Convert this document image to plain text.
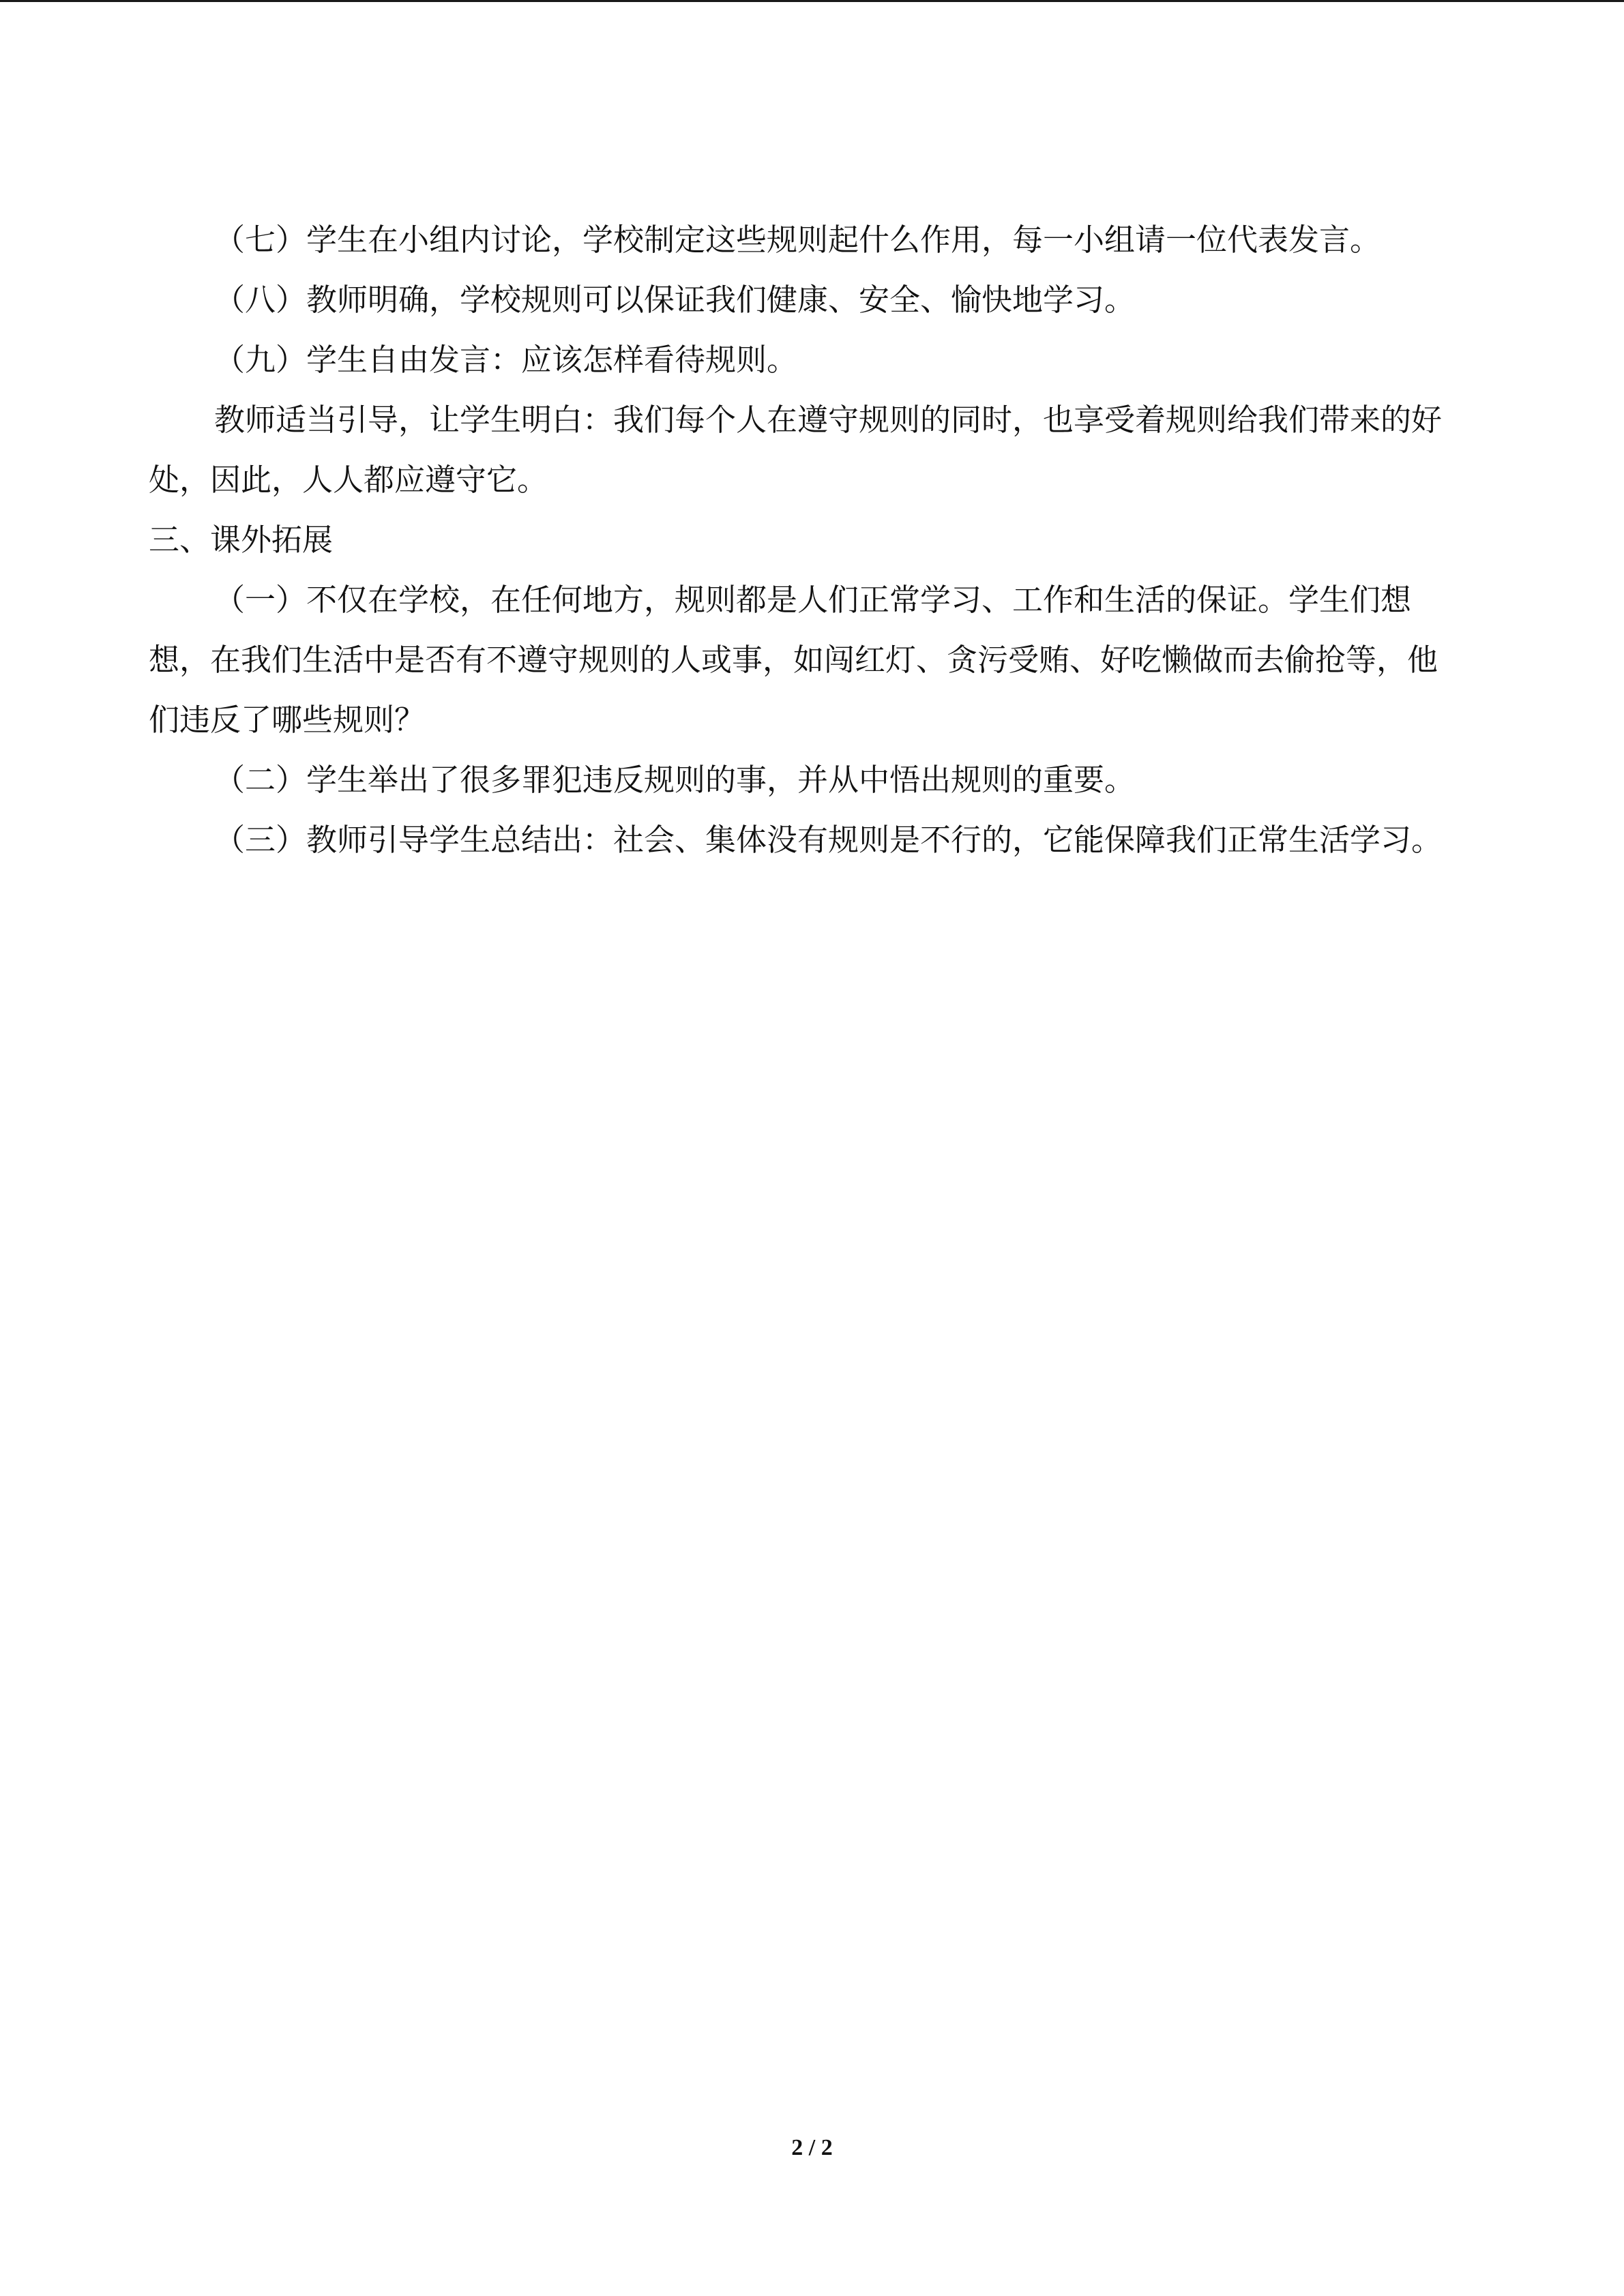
（七）学生在小组内讨论，学校制定这些规则起什么作用，每一小组请一位代表发言。

（八）教师明确，学校规则可以保证我们健康、安全、愉快地学习。

（九）学生自由发言：应该怎样看待规则。

教师适当引导，让学生明白：我们每个人在遵守规则的同时，也享受着规则给我们带来的好处，因此，人人都应遵守它。

三、课外拓展

（一）不仅在学校，在任何地方，规则都是人们正常学习、工作和生活的保证。学生们想想，在我们生活中是否有不遵守规则的人或事，如闯红灯、贪污受贿、好吃懒做而去偷抢等，他们违反了哪些规则？

（二）学生举出了很多罪犯违反规则的事，并从中悟出规则的重要。

（三）教师引导学生总结出：社会、集体没有规则是不行的，它能保障我们正常生活学习。

2 / 2
